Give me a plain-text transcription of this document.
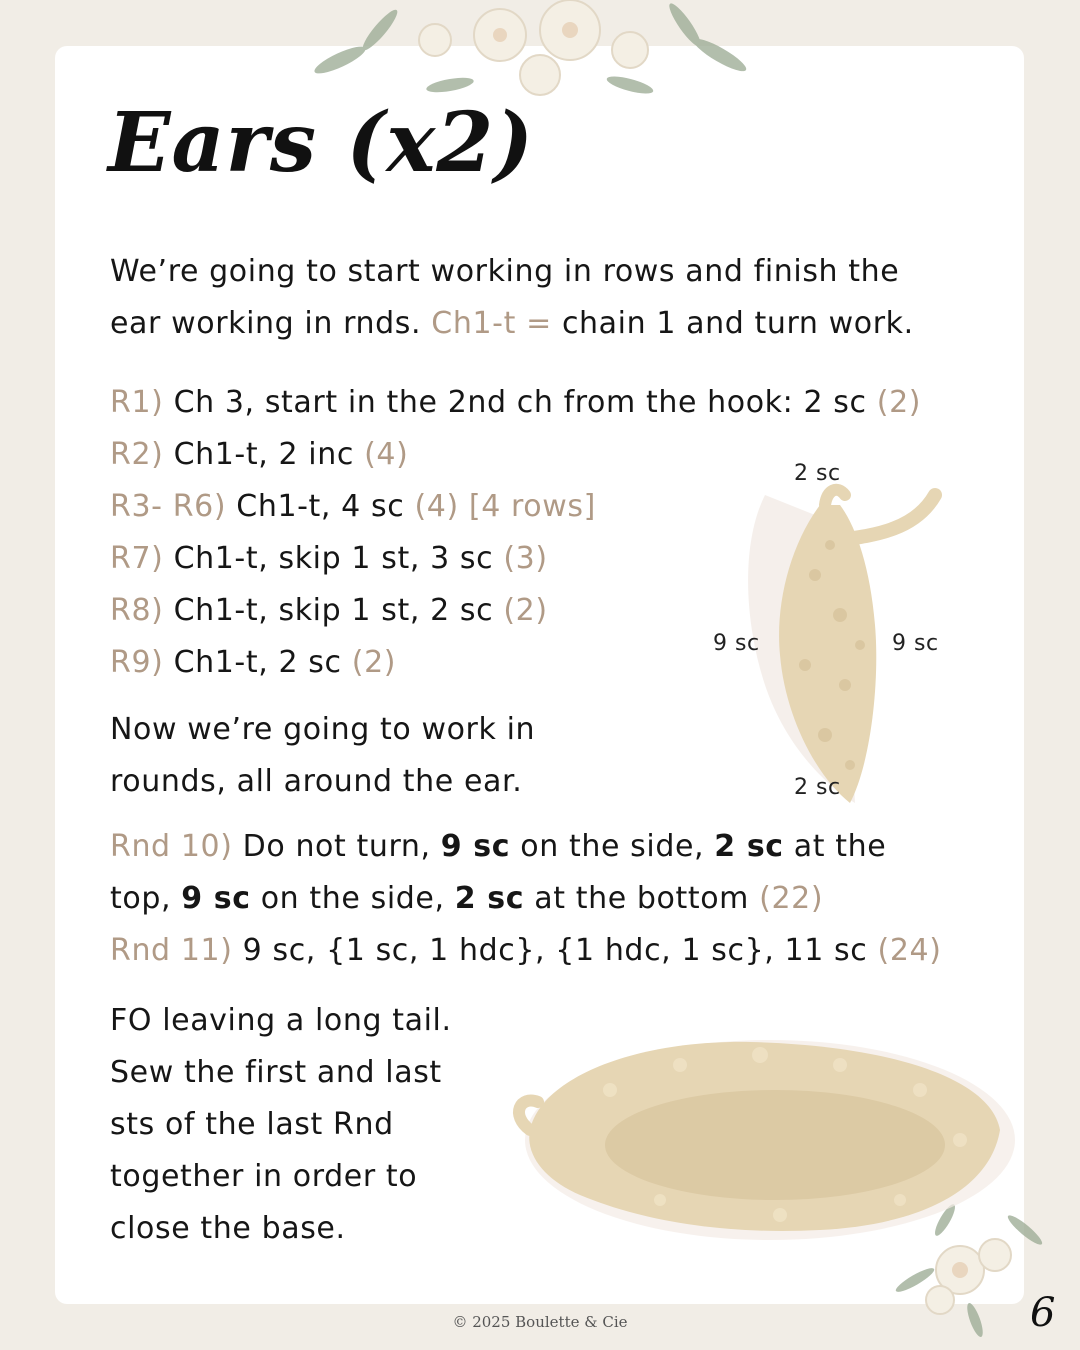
Ears (x2)
We’re going to start working in rows and finish the
ear working in rnds. Ch1-t = chain 1 and turn work.
R1) Ch 3, start in the 2nd ch from the hook: 2 sc (2)
R2) Ch1-t, 2 inc (4)
R3- R6) Ch1-t, 4 sc (4) [4 rows]
R7) Ch1-t, skip 1 st, 3 sc (3)
R8) Ch1-t, skip 1 st, 2 sc (2)
R9) Ch1-t, 2 sc (2)
Now we’re going to work in
rounds, all around the ear.
2 sc
9 sc	9 sc
2 sc
Rnd 10) Do not turn, 9 sc on the side, 2 sc at the
top, 9 sc on the side, 2 sc at the bottom (22)
Rnd 11) 9 sc, {1 sc, 1 hdc}, {1 hdc, 1 sc}, 11 sc (24)
FO leaving a long tail.
Sew the first and last
sts of the last Rnd
together in order to
close the base.
© 2025 Boulette & Cie	6
